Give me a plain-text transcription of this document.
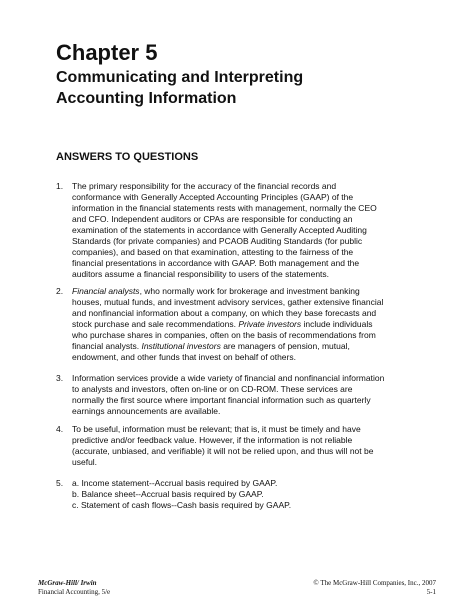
Chapter 5
Communicating and Interpreting
Accounting Information
ANSWERS TO QUESTIONS
1. The primary responsibility for the accuracy of the financial records and
conformance with Generally Accepted Accounting Principles (GAAP) of the
information in the financial statements rests with management, normally the CEO
and CFO. Independent auditors or CPAs are responsible for conducting an
examination of the statements in accordance with Generally Accepted Auditing
Standards (for private companies) and PCAOB Auditing Standards (for public
companies), and based on that examination, attesting to the fairness of the
financial presentations in accordance with GAAP. Both management and the
auditors assume a financial responsibility to users of the statements.
2. Financial analysts, who normally work for brokerage and investment banking
houses, mutual funds, and investment advisory services, gather extensive financial
and nonfinancial information about a company, on which they base forecasts and
stock purchase and sale recommendations. Private investors include individuals
who purchase shares in companies, often on the basis of recommendations from
financial analysts. Institutional investors are managers of pension, mutual,
endowment, and other funds that invest on behalf of others.
3. Information services provide a wide variety of financial and nonfinancial information
to analysts and investors, often on-line or on CD-ROM. These services are
normally the first source where important financial information such as quarterly
earnings announcements are available.
4. To be useful, information must be relevant; that is, it must be timely and have
predictive and/or feedback value. However, if the information is not reliable
(accurate, unbiased, and verifiable) it will not be relied upon, and thus will not be
useful.
5. a. Income statement--Accrual basis required by GAAP.
b. Balance sheet--Accrual basis required by GAAP.
c. Statement of cash flows--Cash basis required by GAAP.
McGraw-Hill/ Irwin
Financial Accounting, 5/e
© The McGraw-Hill Companies, Inc., 2007
5-1
